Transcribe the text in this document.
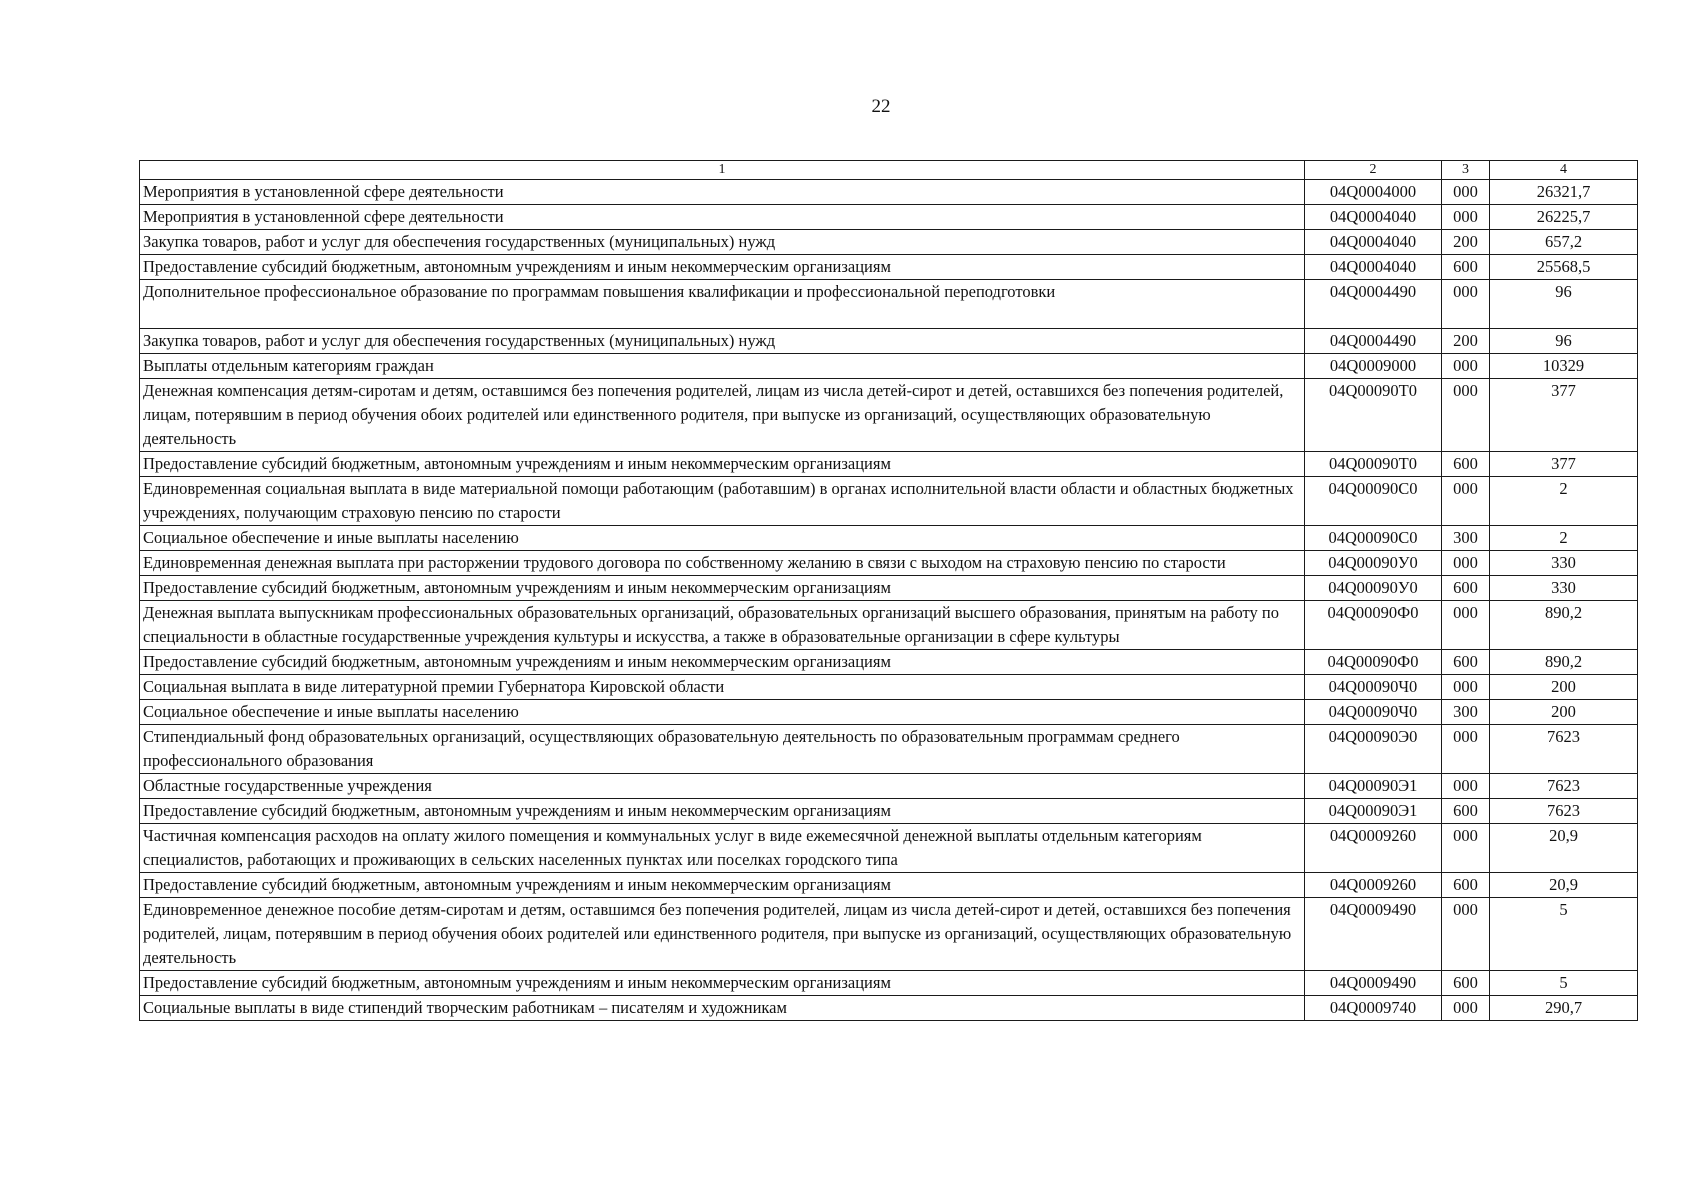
22
1	2	3	4
Мероприятия в установленной сфере деятельности	04Q0004000	000	26321,7
Мероприятия в установленной сфере деятельности	04Q0004040	000	26225,7
Закупка товаров, работ и услуг для обеспечения государственных (муниципальных) нужд	04Q0004040	200	657,2
Предоставление субсидий бюджетным, автономным учреждениям и иным некоммерческим организациям	04Q0004040	600	25568,5
Дополнительное профессиональное образование по программам повышения квалификации и профессиональной переподготовки	04Q0004490	000	96
Закупка товаров, работ и услуг для обеспечения государственных (муниципальных) нужд	04Q0004490	200	96
Выплаты отдельным категориям граждан	04Q0009000	000	10329
Денежная компенсация детям-сиротам и детям, оставшимся без попечения родителей, лицам из числа детей-сирот и детей, оставшихся без попечения родителей, лицам, потерявшим в период обучения обоих родителей или единственного родителя, при выпуске из организаций, осуществляющих образовательную деятельность	04Q00090T0	000	377
Предоставление субсидий бюджетным, автономным учреждениям и иным некоммерческим организациям	04Q00090T0	600	377
Единовременная социальная выплата в виде материальной помощи работающим (работавшим) в органах исполнительной власти области и областных бюджетных учреждениях, получающим страховую пенсию по старости	04Q00090C0	000	2
Социальное обеспечение и иные выплаты населению	04Q00090C0	300	2
Единовременная денежная выплата при расторжении трудового договора по собственному желанию в связи с выходом на страховую пенсию по старости	04Q00090У0	000	330
Предоставление субсидий бюджетным, автономным учреждениям и иным некоммерческим организациям	04Q00090У0	600	330
Денежная выплата выпускникам профессиональных образовательных организаций, образовательных организаций высшего образования, принятым на работу по специальности в областные государственные учреждения культуры и искусства, а также в образовательные организации в сфере культуры	04Q00090Ф0	000	890,2
Предоставление субсидий бюджетным, автономным учреждениям и иным некоммерческим организациям	04Q00090Ф0	600	890,2
Социальная выплата в виде литературной премии Губернатора Кировской области	04Q00090Ч0	000	200
Социальное обеспечение и иные выплаты населению	04Q00090Ч0	300	200
Стипендиальный фонд образовательных организаций, осуществляющих образовательную деятельность по образовательным программам среднего профессионального образования	04Q00090Э0	000	7623
Областные государственные учреждения	04Q00090Э1	000	7623
Предоставление субсидий бюджетным, автономным учреждениям и иным некоммерческим организациям	04Q00090Э1	600	7623
Частичная компенсация расходов на оплату жилого помещения и коммунальных услуг в виде ежемесячной денежной выплаты отдельным категориям специалистов, работающих и проживающих в сельских населенных пунктах или поселках городского типа	04Q0009260	000	20,9
Предоставление субсидий бюджетным, автономным учреждениям и иным некоммерческим организациям	04Q0009260	600	20,9
Единовременное денежное пособие детям-сиротам и детям, оставшимся без попечения родителей, лицам из числа детей-сирот и детей, оставшихся без попечения родителей, лицам, потерявшим в период обучения обоих родителей или единственного родителя, при выпуске из организаций, осуществляющих образовательную деятельность	04Q0009490	000	5
Предоставление субсидий бюджетным, автономным учреждениям и иным некоммерческим организациям	04Q0009490	600	5
Социальные выплаты в виде стипендий творческим работникам – писателям и художникам	04Q0009740	000	290,7
